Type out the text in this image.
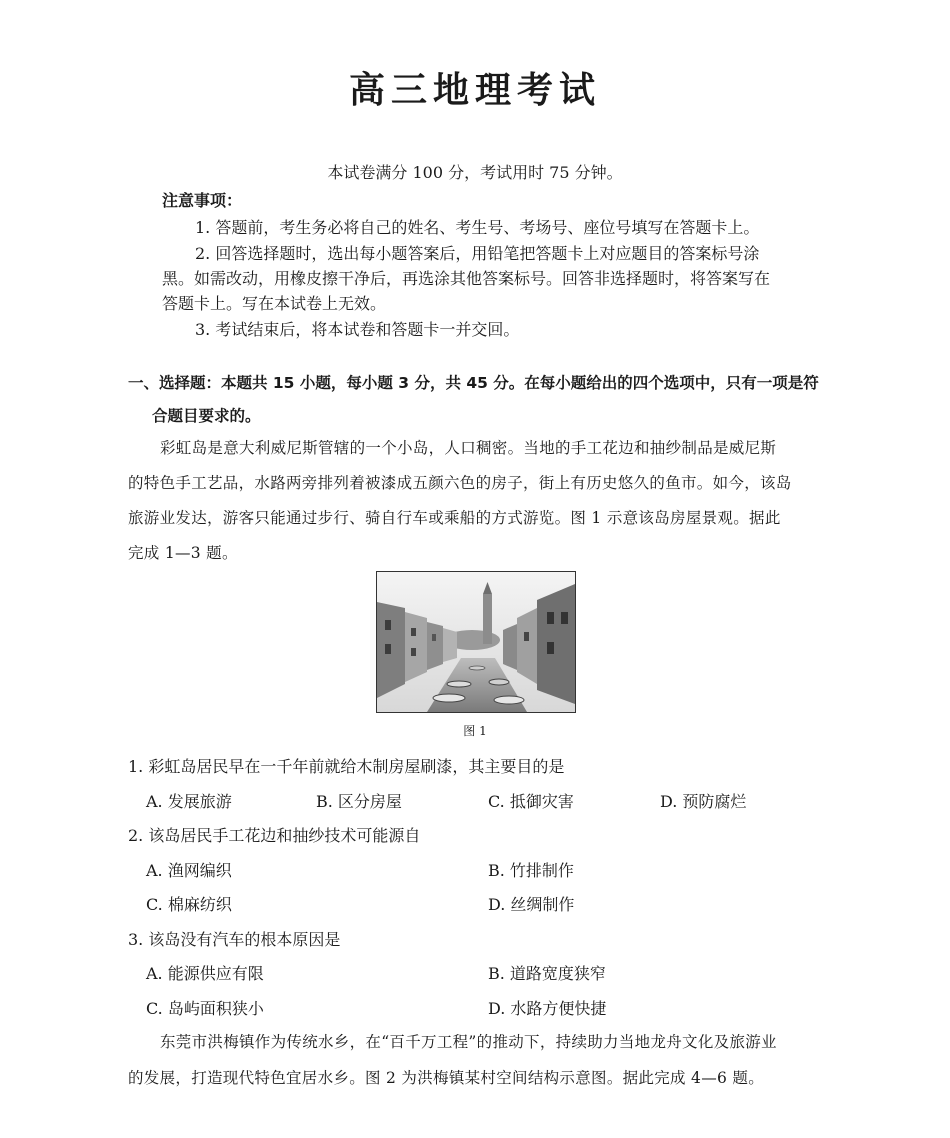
高三地理考试
本试卷满分 100 分，考试用时 75 分钟。
注意事项：
1. 答题前，考生务必将自己的姓名、考生号、考场号、座位号填写在答题卡上。
2. 回答选择题时，选出每小题答案后，用铅笔把答题卡上对应题目的答案标号涂
黑。如需改动，用橡皮擦干净后，再选涂其他答案标号。回答非选择题时，将答案写在
答题卡上。写在本试卷上无效。
3. 考试结束后，将本试卷和答题卡一并交回。
一、选择题：本题共 15 小题，每小题 3 分，共 45 分。在每小题给出的四个选项中，只有一项是符
合题目要求的。
彩虹岛是意大利威尼斯管辖的一个小岛，人口稠密。当地的手工花边和抽纱制品是威尼斯
的特色手工艺品，水路两旁排列着被漆成五颜六色的房子，街上有历史悠久的鱼市。如今，该岛
旅游业发达，游客只能通过步行、骑自行车或乘船的方式游览。图 1 示意该岛房屋景观。据此
完成 1—3 题。
图 1
1. 彩虹岛居民早在一千年前就给木制房屋刷漆，其主要目的是
A. 发展旅游	B. 区分房屋	C. 抵御灾害	D. 预防腐烂
2. 该岛居民手工花边和抽纱技术可能源自
A. 渔网编织	B. 竹排制作
C. 棉麻纺织	D. 丝绸制作
3. 该岛没有汽车的根本原因是
A. 能源供应有限	B. 道路宽度狭窄
C. 岛屿面积狭小	D. 水路方便快捷
东莞市洪梅镇作为传统水乡，在“百千万工程”的推动下，持续助力当地龙舟文化及旅游业
的发展，打造现代特色宜居水乡。图 2 为洪梅镇某村空间结构示意图。据此完成 4—6 题。
